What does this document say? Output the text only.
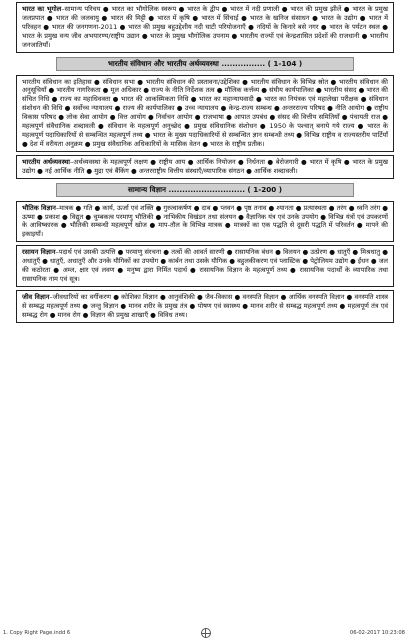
भारत का भूगोल–सामान्य परिचय ● भारत का भौगोलिक स्वरूप ● भारत के द्वीप ● भारत में नदी प्रणाली ● भारत की प्रमुख झीलें ● भारत के प्रमुख जलप्रपात ● भारत की जलवायु ● भारत की मिट्टी ● भारत में कृषि ● भारत में सिंचाई ● भारत के खनिज संसाधन ● भारत के उद्योग ● भारत में परिवहन ● भारत की जनगणना-2011 ● भारत की प्रमुख बहुउद्देशीय नदी घाटी परियोजनाएँ ● नदियों के किनारे बसे नगर ● भारत के पर्यटन स्थल ● भारत के प्रमुख वन्य जीव अभयारण्य/राष्ट्रीय उद्यान ● भारत के प्रमुख भौगोलिक उपनाम ● भारतीय राज्यों एवं केन्द्रशासित प्रदेशों की राजधानी ● भारतीय जनजातियाँ।

भारतीय संविधान और भारतीय अर्थव्यवस्था ................ ( 1-104 )

भारतीय संविधान का इतिहास ● संविधान सभा ● भारतीय संविधान की प्रस्तावना/उद्देशिका ● भारतीय संविधान के विभिन्न स्रोत ● भारतीय संविधान की अनुसूचियाँ ● भारतीय नागरिकता ● मूल अधिकार ● राज्य के नीति निर्देशक तत्व ● मौलिक कर्त्तव्य ● संघीय कार्यपालिका ● भारतीय संसद ● भारत की संचित निधि ● राज्य का महाधिवक्ता ● भारत की आकस्मिकता निधि ● भारत का महान्यायवादी ● भारत का नियंत्रक एवं महालेखा परीक्षक ● संविधान संशोधन की विधि ● सर्वोच्च न्यायालय ● राज्य की कार्यपालिका ● उच्च न्यायालय ● केन्द्र-राज्य सम्बन्ध ● अन्तरराज्य परिषद ● नीति आयोग ● राष्ट्रीय विकास परिषद ● लोक सेवा आयोग ● वित्त आयोग ● निर्वाचन आयोग ● राजभाषा ● आपात उपबंध ● संसद की वित्तीय समितियाँ ● पंचायती राज ● महत्वपूर्ण संवैधानिक शब्दावली ● संविधान के महत्वपूर्ण अनुच्छेद ● प्रमुख संविधानिक संशोधन ● 1950 के पश्चात् बनाये गये राज्य ● भारत के महत्वपूर्ण पदाधिकारियों से सम्बन्धित महत्वपूर्ण तथ्य ● भारत के मुख्य पदाधिकारियों से सम्बन्धित ज्ञान सम्बन्धी तथ्य ● विभिन्न राष्ट्रीय व राज्यस्तरीय पार्टियाँ ● देश में वरीयता अनुक्रम ● प्रमुख संवैधानिक अधिकारियों के मासिक वेतन ● भारत के राष्ट्रीय प्रतीक।

भारतीय अर्थव्यवस्था–अर्थव्यवस्था के महत्वपूर्ण लक्षण ● राष्ट्रीय आय ● आर्थिक नियोजन ● निर्धनता ● बेरोजगारी ● भारत में कृषि ● भारत के प्रमुख उद्योग ● नई आर्थिक नीति ● मुद्रा एवं बैंकिंग ● अन्तरराष्ट्रीय वित्तीय संस्थाएँ/व्यापारिक संगठन ● आर्थिक शब्दावली।

सामान्य विज्ञान ............................ ( 1-200 )

भौतिक विज्ञान–मात्रक ● गति ● कार्य, ऊर्जा एवं शक्ति ● गुरुत्वाकर्षण ● दाब ● प्लवन ● पृष्ठ तनाव ● श्यानता ● प्रत्यास्थता ● तरंग ● ध्वनि तरंग ● ऊष्मा ● प्रकाश ● विद्युत ● चुम्बकत्व परमाणु भौतिकी ● नाभिकीय विखंडन तथा संलयन ● वैज्ञानिक यंत्र एवं उनके उपयोग ● विभिन्न यंत्रों एवं उपकरणों के आविष्कारक ● भौतिकी सम्बन्धी महत्वपूर्ण खोज ● माप-तौल के विभिन्न मात्रक ● मात्रकों का एक पद्धति से दूसरी पद्धति में परिवर्तन ● मापने की इकाइयाँ।

रसायन विज्ञान–पदार्थ एवं उसकी उत्पत्ति ● परमाणु संरचना ● तत्वों की आवर्त सारणी ● रासायनिक बंधन ● विलयन ● उत्प्रेरण ● धातुएँ ● मिश्रधातु ● अधातुएँ ● धातुएँ, अधातुएँ और उनके यौगिकों का उपयोग ● कार्बन तथा उसके यौगिक ● बहुलकीकरण एवं प्लास्टिक ● पेट्रोलियम उद्योग ● ईंधन ● जल की कठोरता ● अम्ल, क्षार एवं लवण ● मनुष्य द्वारा निर्मित पदार्थ ● रासायनिक विज्ञान के महत्वपूर्ण तथ्य ● रासायनिक पदार्थों के व्यापारिक तथा रासायनिक नाम एवं सूत्र।

जीव विज्ञान–जीवधारियों का वर्गीकरण ● कोशिका विज्ञान ● आनुवंशिकी ● जैव-विकास ● वनस्पति विज्ञान ● आर्थिक वनस्पति विज्ञान ● वनस्पति शास्त्र से सम्बद्ध महत्वपूर्ण तथ्य ● जन्तु विज्ञान ● मानव शरीर के प्रमुख तंत्र ● पोषण एवं स्वास्थ्य ● मानव शरीर से सम्बद्ध महत्वपूर्ण तथ्य ● महत्वपूर्ण तंत्र एवं सम्बद्ध रोग ● मानव रोग ● विज्ञान की प्रमुख शाखाएँ ● विविध तथ्य।

1. Copy Right Page.indd 6	06-02-2017 10:23:08
